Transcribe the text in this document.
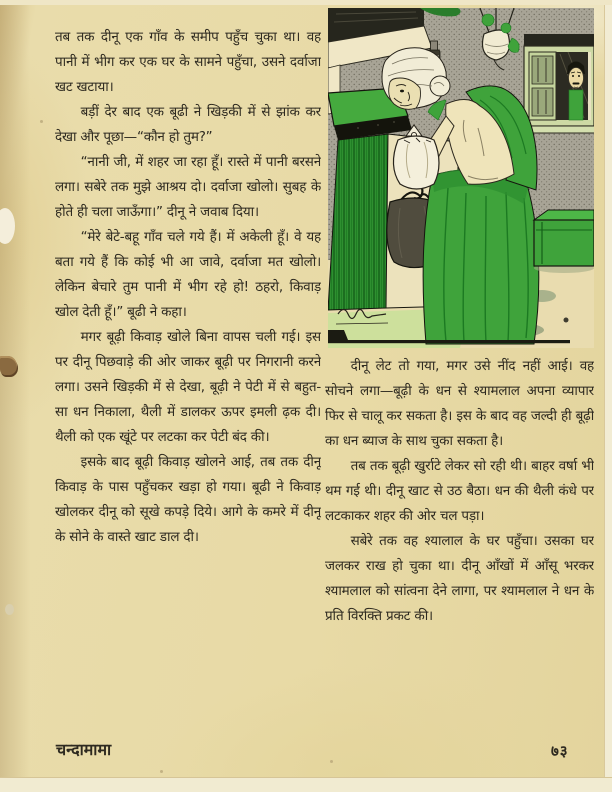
तब तक दीनू एक गाँव के समीप पहुँच चुका था। वह पानी में भीग कर एक घर के सामने पहुँचा, उसने दर्वाजा खट खटाया।

बड़ीं देर बाद एक बूढी ने खिड़की में से झांक कर देखा और पूछा—“कौन हो तुम?”

“नानी जी, में शहर जा रहा हूँ। रास्ते में पानी बरसने लगा। सबेरे तक मुझे आश्रय दो। दर्वाजा खोलो। सुबह के होते ही चला जाऊँगा।” दीनू ने जवाब दिया।

“मेरे बेटे-बहू गाँव चले गये हैं। में अकेली हूँ। वे यह बता गये हैं कि कोई भी आ जावे, दर्वाजा मत खोलो। लेकिन बेचारे तुम पानी में भीग रहे हो! ठहरो, किवाड़ खोल देती हूँ।” बूढी ने कहा।

मगर बूढ़ी किवाड़ खोले बिना वापस चली गई। इस पर दीनू पिछवाड़े की ओर जाकर बूढ़ी पर निगरानी करने लगा। उसने खिड़की में से देखा, बूढ़ी ने पेटी में से बहुत-सा धन निकाला, थैली में डालकर ऊपर इमली ढ़क दी। थैली को एक खूंटे पर लटका कर पेटी बंद की।

इसके बाद बूढ़ी किवाड़ खोलने आई, तब तक दीनू किवाड़ के पास पहुँचकर खड़ा हो गया। बूढी ने किवाड़ खोलकर दीनू को सूखे कपड़े दिये। आगे के कमरे में दीनू के सोने के वास्ते खाट डाल दी।

दीनू लेट तो गया, मगर उसे नींद नहीं आई। वह सोचने लगा—बूढ़ी के धन से श्यामलाल अपना व्यापार फिर से चालू कर सकता है। इस के बाद वह जल्दी ही बूढ़ी का धन ब्याज के साथ चुका सकता है।

तब तक बूढ़ी खुर्राटे लेकर सो रही थी। बाहर वर्षा भी थम गई थी। दीनू खाट से उठ बैठा। धन की थैली कंधे पर लटकाकर शहर की ओर चल पड़ा।

सबेरे तक वह श्यालाल के घर पहुँचा। उसका घर जलकर राख हो चुका था। दीनू आँखों में आँसू भरकर श्यामलाल को सांत्वना देने लागा, पर श्यामलाल ने धन के प्रति विरक्ति प्रकट की।

चन्दामामा	७३
